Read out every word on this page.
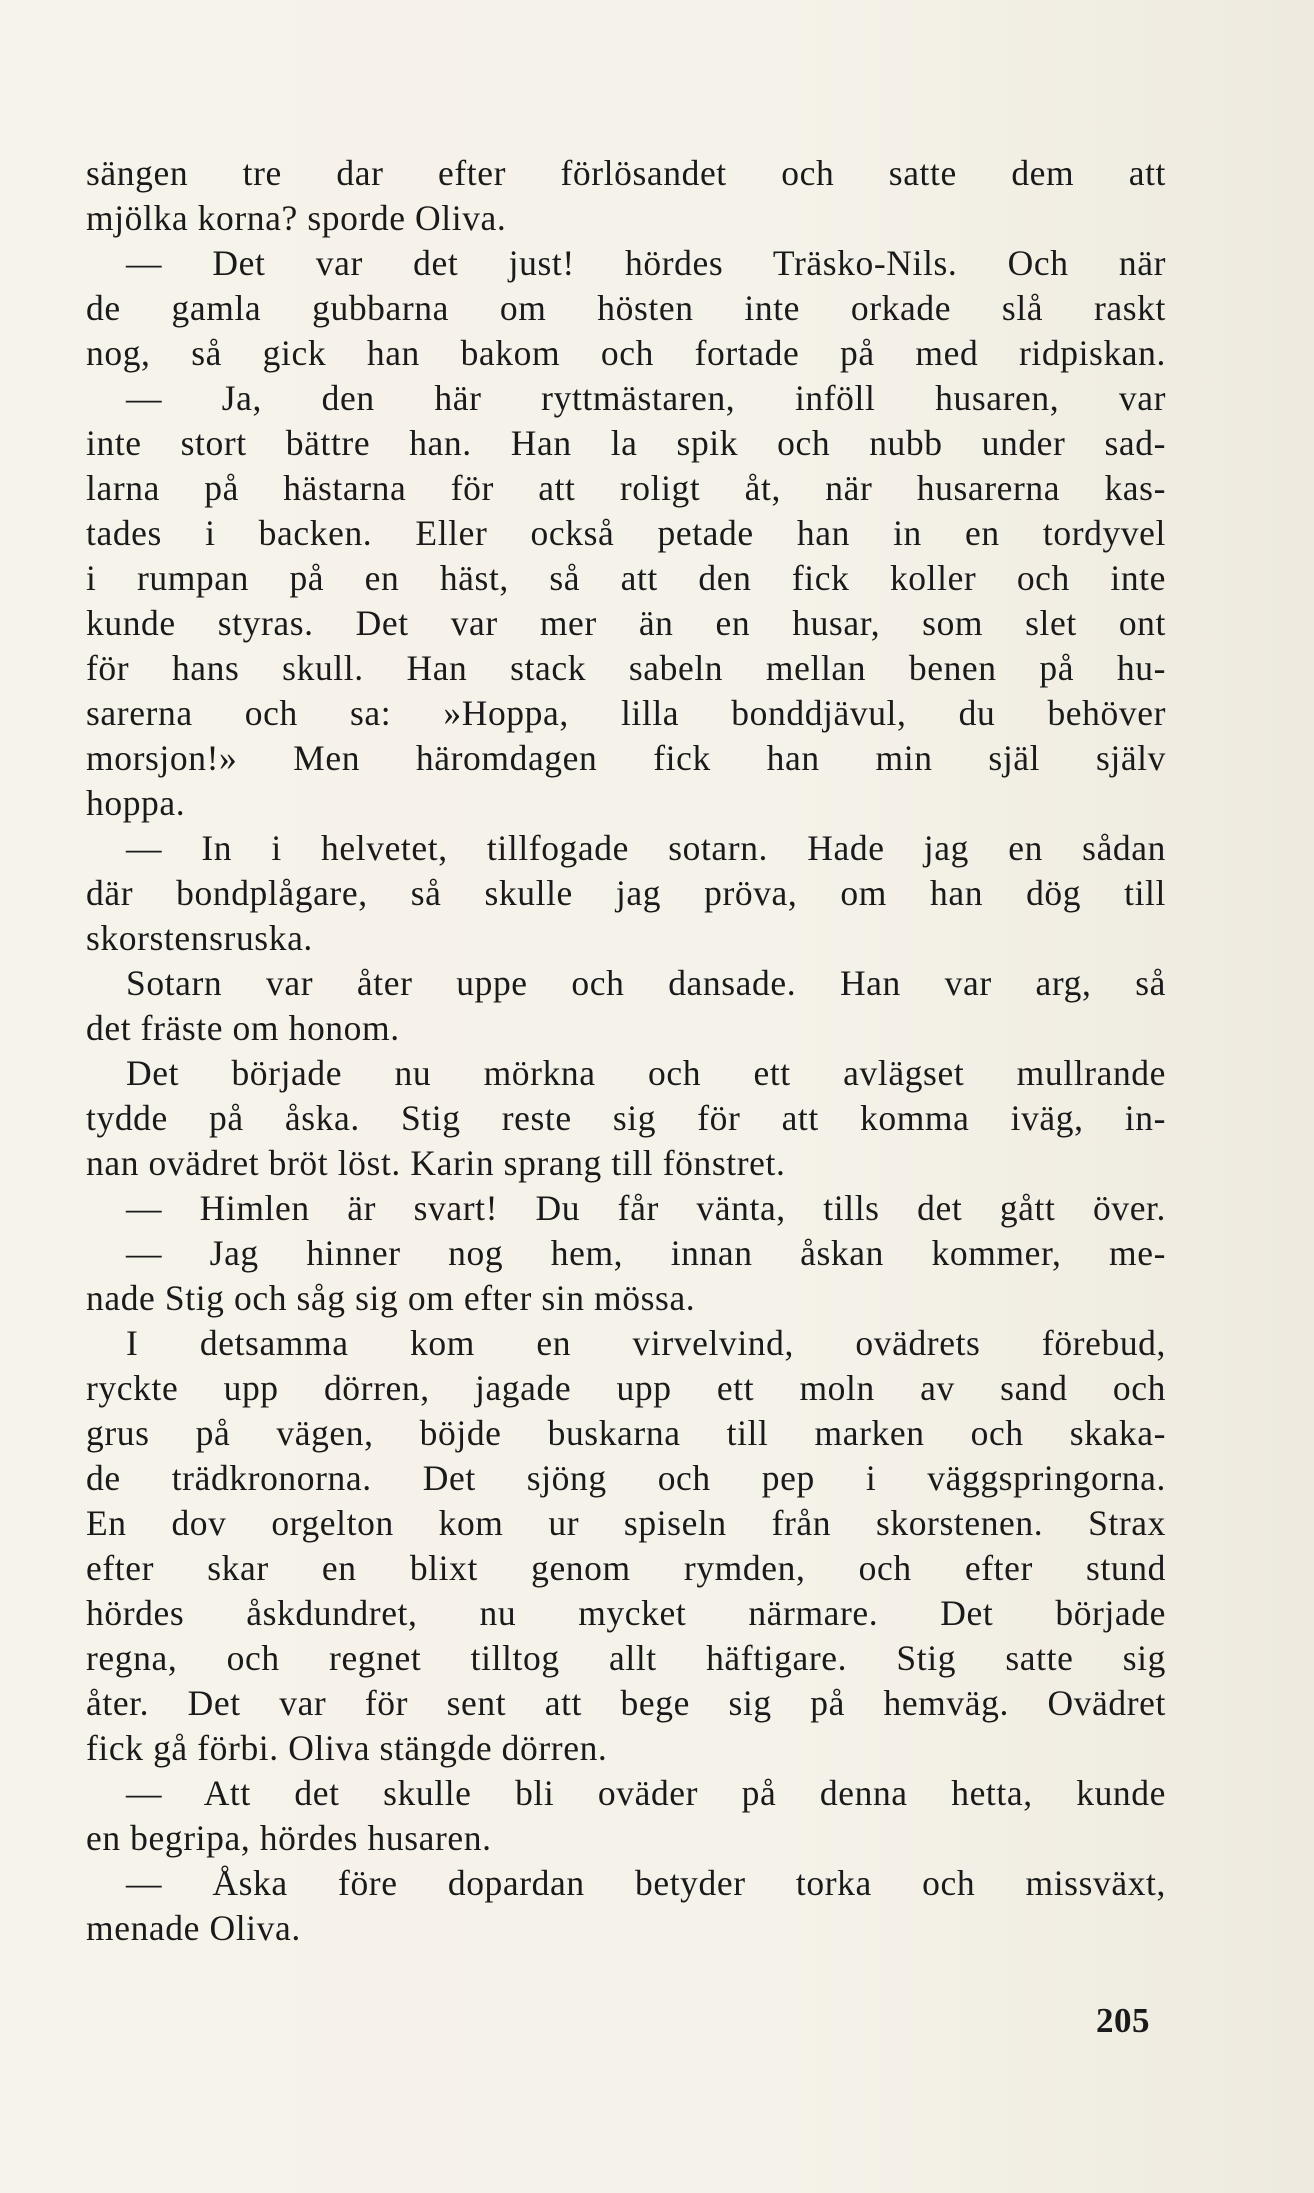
sängen tre dar efter förlösandet och satte dem att
mjölka korna? sporde Oliva.
— Det var det just! hördes Träsko-Nils. Och när
de gamla gubbarna om hösten inte orkade slå raskt
nog, så gick han bakom och fortade på med ridpiskan.
— Ja, den här ryttmästaren, inföll husaren, var
inte stort bättre han. Han la spik och nubb under sad-
larna på hästarna för att roligt åt, när husarerna kas-
tades i backen. Eller också petade han in en tordyvel
i rumpan på en häst, så att den fick koller och inte
kunde styras. Det var mer än en husar, som slet ont
för hans skull. Han stack sabeln mellan benen på hu-
sarerna och sa: »Hoppa, lilla bonddjävul, du behöver
morsjon!» Men häromdagen fick han min själ själv
hoppa.
— In i helvetet, tillfogade sotarn. Hade jag en sådan
där bondplågare, så skulle jag pröva, om han dög till
skorstensruska.
Sotarn var åter uppe och dansade. Han var arg, så
det fräste om honom.
Det började nu mörkna och ett avlägset mullrande
tydde på åska. Stig reste sig för att komma iväg, in-
nan ovädret bröt löst. Karin sprang till fönstret.
— Himlen är svart! Du får vänta, tills det gått över.
— Jag hinner nog hem, innan åskan kommer, me-
nade Stig och såg sig om efter sin mössa.
I detsamma kom en virvelvind, ovädrets förebud,
ryckte upp dörren, jagade upp ett moln av sand och
grus på vägen, böjde buskarna till marken och skaka-
de trädkronorna. Det sjöng och pep i väggspringorna.
En dov orgelton kom ur spiseln från skorstenen. Strax
efter skar en blixt genom rymden, och efter stund
hördes åskdundret, nu mycket närmare. Det började
regna, och regnet tilltog allt häftigare. Stig satte sig
åter. Det var för sent att bege sig på hemväg. Ovädret
fick gå förbi. Oliva stängde dörren.
— Att det skulle bli oväder på denna hetta, kunde
en begripa, hördes husaren.
— Åska före dopardan betyder torka och missväxt,
menade Oliva.
205
